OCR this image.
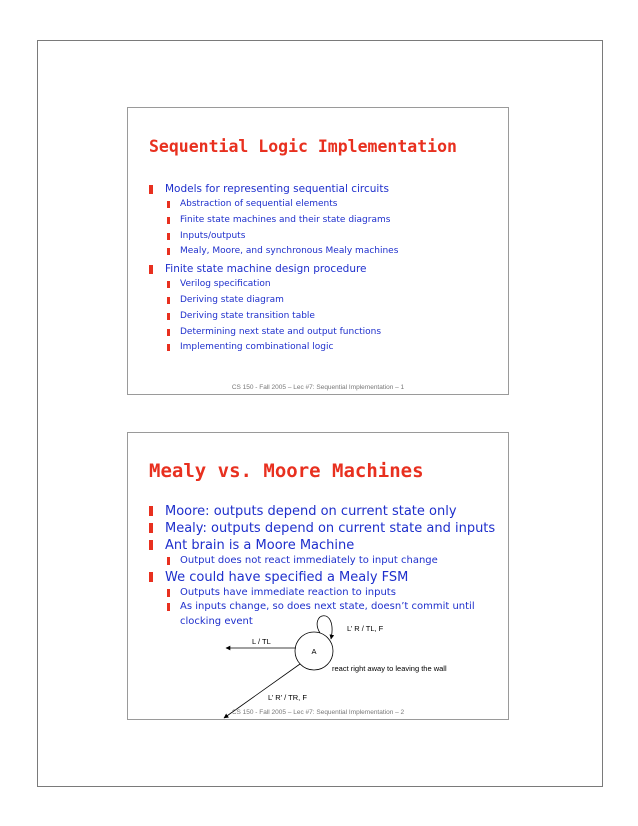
Sequential Logic Implementation
Models for representing sequential circuits
Abstraction of sequential elements
Finite state machines and their state diagrams
Inputs/outputs
Mealy, Moore, and synchronous Mealy machines
Finite state machine design procedure
Verilog specification
Deriving state diagram
Deriving state transition table
Determining next state and output functions
Implementing combinational logic
CS 150 - Fall 2005 – Lec #7: Sequential Implementation – 1
Mealy vs. Moore Machines
Moore: outputs depend on current state only
Mealy: outputs depend on current state and inputs
Ant brain is a Moore Machine
Output does not react immediately to input change
We could have specified a Mealy FSM
Outputs have immediate reaction to inputs
As inputs change, so does next state, doesn’t commit until clocking event
A
L’ R / TL, F
L / TL
L’ R’ / TR, F
react right away to leaving the wall
CS 150 - Fall 2005 – Lec #7: Sequential Implementation – 2
